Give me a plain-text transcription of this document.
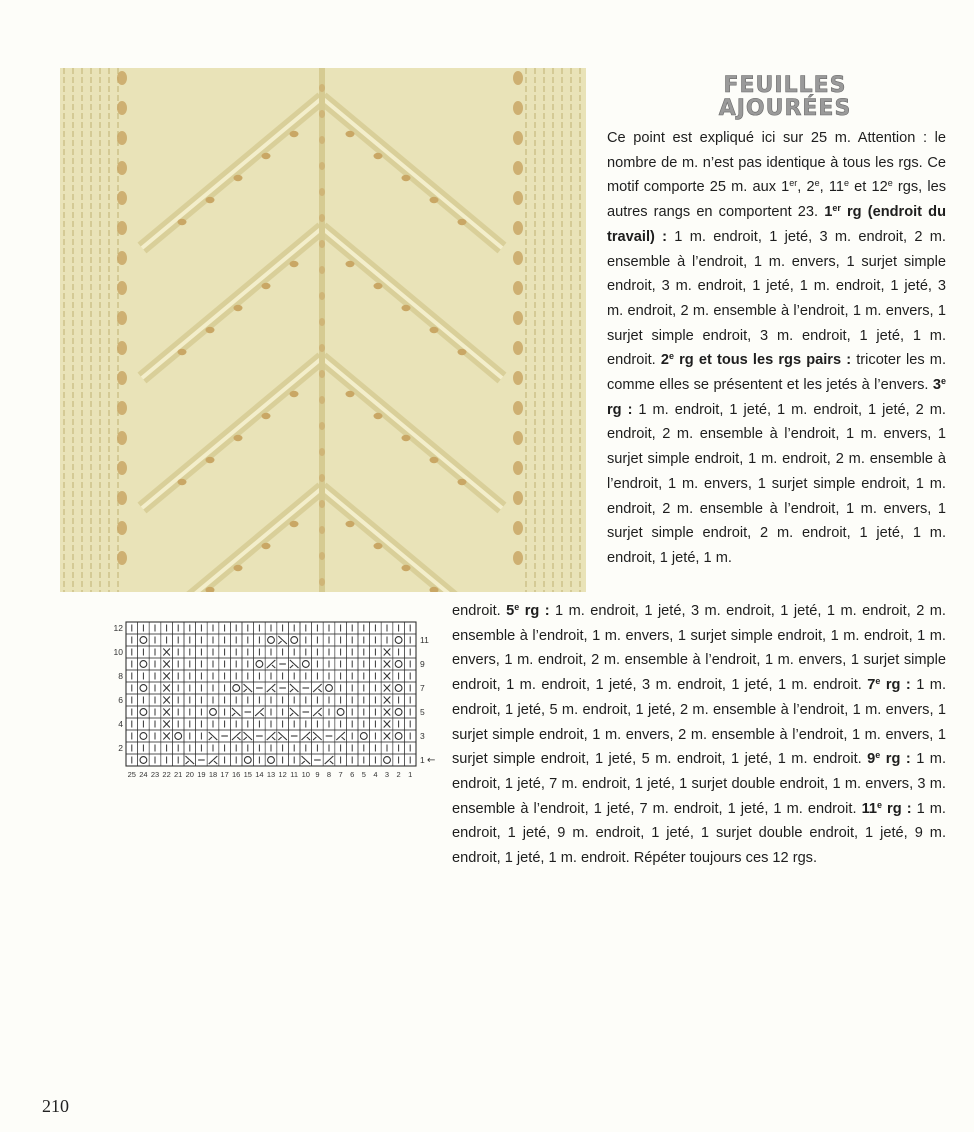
FEUILLES
AJOURÉES
Ce point est expliqué ici sur 25 m. Attention : le nombre de m. n’est pas identique à tous les rgs. Ce motif comporte 25 m. aux 1er, 2e, 11e et 12e rgs, les autres rangs en comportent 23. 1er rg (endroit du travail) : 1 m. endroit, 1 jeté, 3 m. endroit, 2 m. ensemble à l’endroit, 1 m. envers, 1 surjet simple endroit, 3 m. endroit, 1 jeté, 1 m. endroit, 1 jeté, 3 m. endroit, 2 m. ensemble à l’endroit, 1 m. envers, 1 surjet simple endroit, 3 m. endroit, 1 jeté, 1 m. endroit. 2e rg et tous les rgs pairs : tricoter les m. comme elles se présentent et les jetés à l’envers. 3e rg : 1 m. endroit, 1 jeté, 1 m. endroit, 1 jeté, 2 m. endroit, 2 m. ensemble à l’endroit, 1 m. envers, 1 surjet simple endroit, 1 m. endroit, 2 m. ensemble à l’endroit, 1 m. envers, 1 surjet simple endroit, 1 m. endroit, 2 m. ensemble à l’endroit, 1 m. envers, 1 surjet simple endroit, 2 m. endroit, 1 jeté, 1 m. endroit, 1 jeté, 1 m.
endroit. 5e rg : 1 m. endroit, 1 jeté, 3 m. endroit, 1 jeté, 1 m. endroit, 2 m. ensemble à l’endroit, 1 m. envers, 1 surjet simple endroit, 1 m. endroit, 1 m. envers, 1 m. endroit, 2 m. ensemble à l’endroit, 1 m. envers, 1 surjet simple endroit, 1 m. endroit, 1 jeté, 3 m. endroit, 1 jeté, 1 m. endroit. 7e rg : 1 m. endroit, 1 jeté, 5 m. endroit, 1 jeté, 2 m. ensemble à l’endroit, 1 m. envers, 1 surjet simple endroit, 1 m. envers, 2 m. ensemble à l’endroit, 1 m. envers, 1 surjet simple endroit, 1 jeté, 5 m. endroit, 1 jeté, 1 m. endroit. 9e rg : 1 m. endroit, 1 jeté, 7 m. endroit, 1 jeté, 1 surjet double endroit, 1 m. envers, 3 m. ensemble à l’endroit, 1 jeté, 7 m. endroit, 1 jeté, 1 m. endroit. 11e rg : 1 m. endroit, 1 jeté, 9 m. endroit, 1 jeté, 1 surjet double endroit, 1 jeté, 9 m. endroit, 1 jeté, 1 m. endroit. Répéter toujours ces 12 rgs.
12
10
8
6
4
2
11
9
7
5
3
1 ←
25 24 23 22 21 20 19 18 17 16 15 14 13 12 11 10 9 8 7 6 5 4 3 2 1
210
